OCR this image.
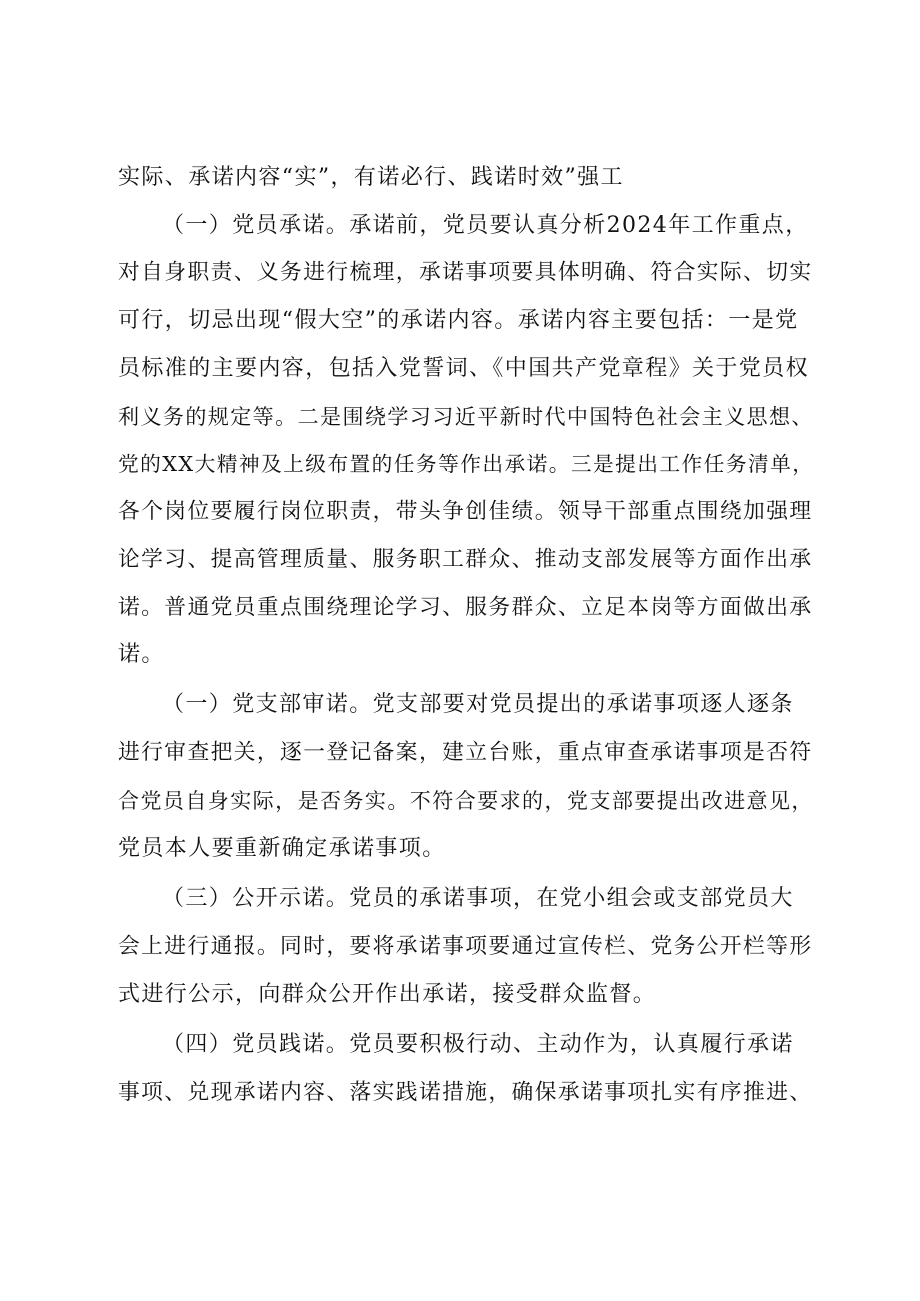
实际、承诺内容“实”，有诺必行、践诺时效”强工
（一）党员承诺。承诺前，党员要认真分析2024年工作重点，
对自身职责、义务进行梳理，承诺事项要具体明确、符合实际、切实
可行，切忌出现“假大空”的承诺内容。承诺内容主要包括：一是党
员标准的主要内容，包括入党誓词、《中国共产党章程》关于党员权
利义务的规定等。二是围绕学习习近平新时代中国特色社会主义思想、
党的XX大精神及上级布置的任务等作出承诺。三是提出工作任务清单，
各个岗位要履行岗位职责，带头争创佳绩。领导干部重点围绕加强理
论学习、提高管理质量、服务职工群众、推动支部发展等方面作出承
诺。普通党员重点围绕理论学习、服务群众、立足本岗等方面做出承
诺。
（一）党支部审诺。党支部要对党员提出的承诺事项逐人逐条
进行审查把关，逐一登记备案，建立台账，重点审查承诺事项是否符
合党员自身实际，是否务实。不符合要求的，党支部要提出改进意见，
党员本人要重新确定承诺事项。
（三）公开示诺。党员的承诺事项，在党小组会或支部党员大
会上进行通报。同时，要将承诺事项要通过宣传栏、党务公开栏等形
式进行公示，向群众公开作出承诺，接受群众监督。
（四）党员践诺。党员要积极行动、主动作为，认真履行承诺
事项、兑现承诺内容、落实践诺措施，确保承诺事项扎实有序推进、
